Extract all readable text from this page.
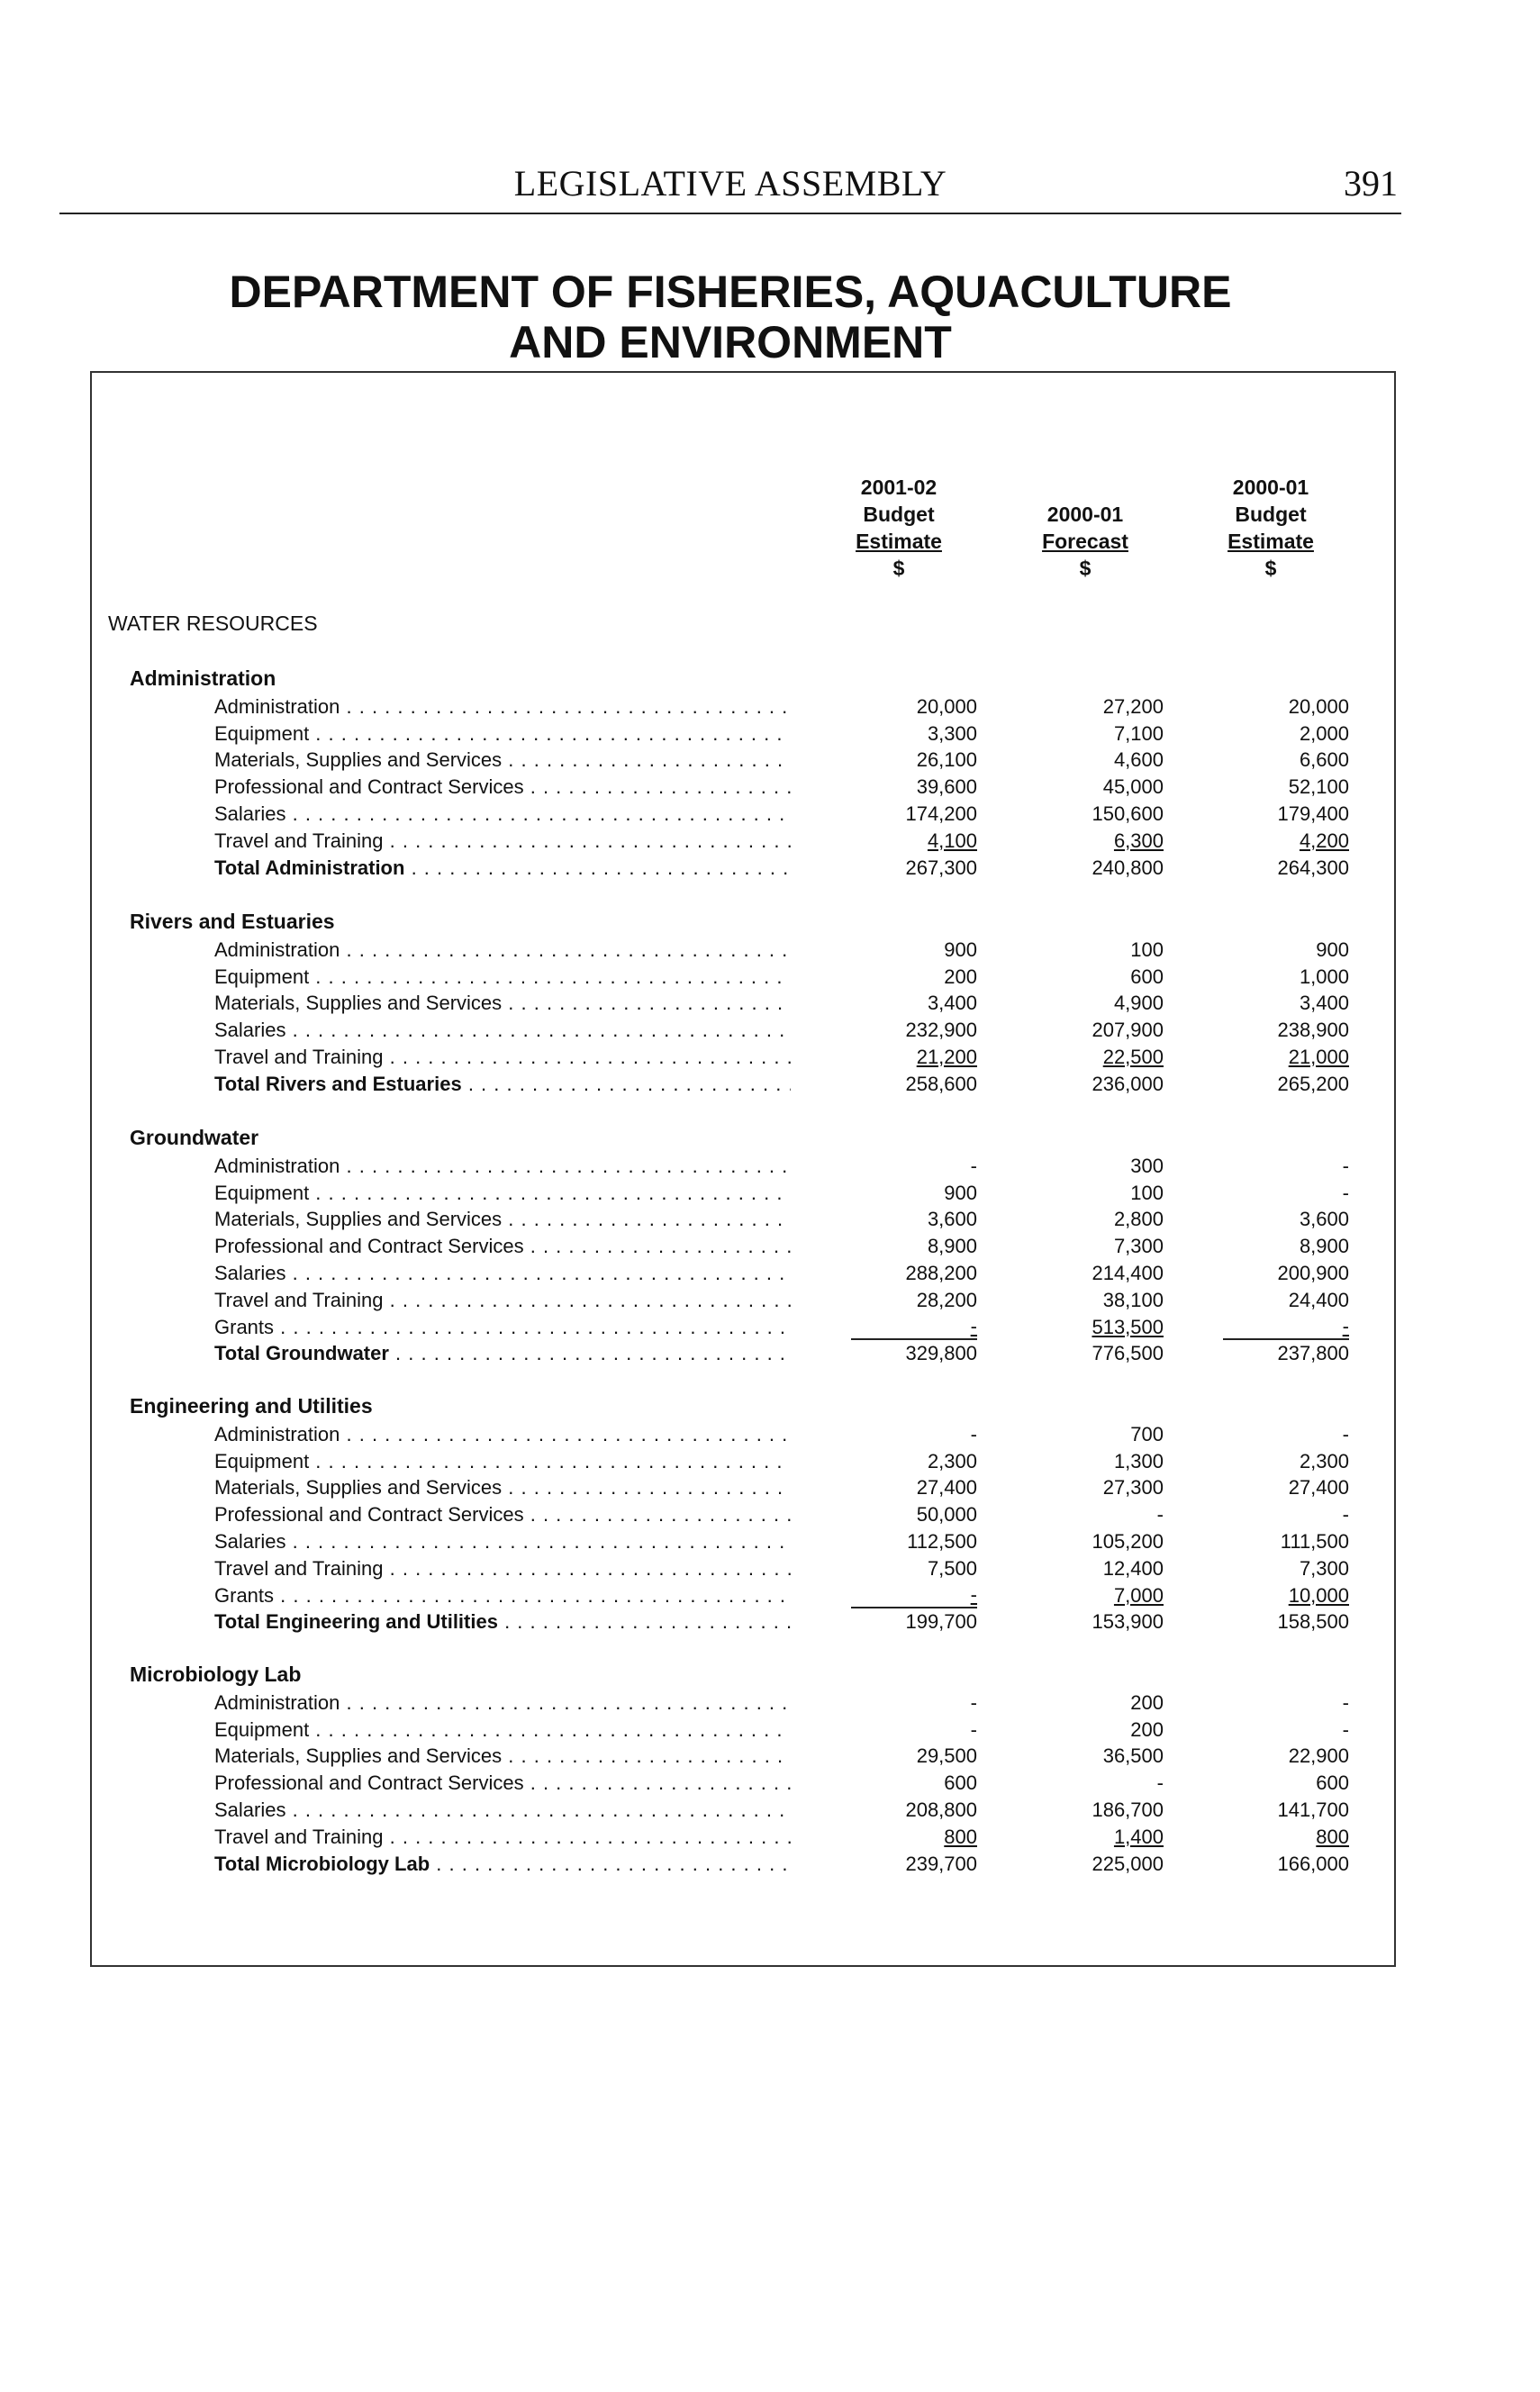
LEGISLATIVE ASSEMBLY	391
DEPARTMENT OF FISHERIES, AQUACULTURE
AND ENVIRONMENT
2001-02
Budget
Estimate
$
2000-01
Forecast
$
2000-01
Budget
Estimate
$
WATER RESOURCES
Administration
Administration . . .	20,000	27,200	20,000
Equipment . . .	3,300	7,100	2,000
Materials, Supplies and Services . . .	26,100	4,600	6,600
Professional and Contract Services . . .	39,600	45,000	52,100
Salaries . . .	174,200	150,600	179,400
Travel and Training . . .	4,100	6,300	4,200
Total Administration . . .	267,300	240,800	264,300
Rivers and Estuaries
Administration . . .	900	100	900
Equipment . . .	200	600	1,000
Materials, Supplies and Services . . .	3,400	4,900	3,400
Salaries . . .	232,900	207,900	238,900
Travel and Training . . .	21,200	22,500	21,000
Total Rivers and Estuaries . . .	258,600	236,000	265,200
Groundwater
Administration . . .	-	300	-
Equipment . . .	900	100	-
Materials, Supplies and Services . . .	3,600	2,800	3,600
Professional and Contract Services . . .	8,900	7,300	8,900
Salaries . . .	288,200	214,400	200,900
Travel and Training . . .	28,200	38,100	24,400
Grants . . .	-	513,500	-
Total Groundwater . . .	329,800	776,500	237,800
Engineering and Utilities
Administration . . .	-	700	-
Equipment . . .	2,300	1,300	2,300
Materials, Supplies and Services . . .	27,400	27,300	27,400
Professional and Contract Services . . .	50,000	-	-
Salaries . . .	112,500	105,200	111,500
Travel and Training . . .	7,500	12,400	7,300
Grants . . .	-	7,000	10,000
Total Engineering and Utilities . . .	199,700	153,900	158,500
Microbiology Lab
Administration . . .	-	200	-
Equipment . . .	-	200	-
Materials, Supplies and Services . . .	29,500	36,500	22,900
Professional and Contract Services . . .	600	-	600
Salaries . . .	208,800	186,700	141,700
Travel and Training . . .	800	1,400	800
Total Microbiology Lab . . .	239,700	225,000	166,000
